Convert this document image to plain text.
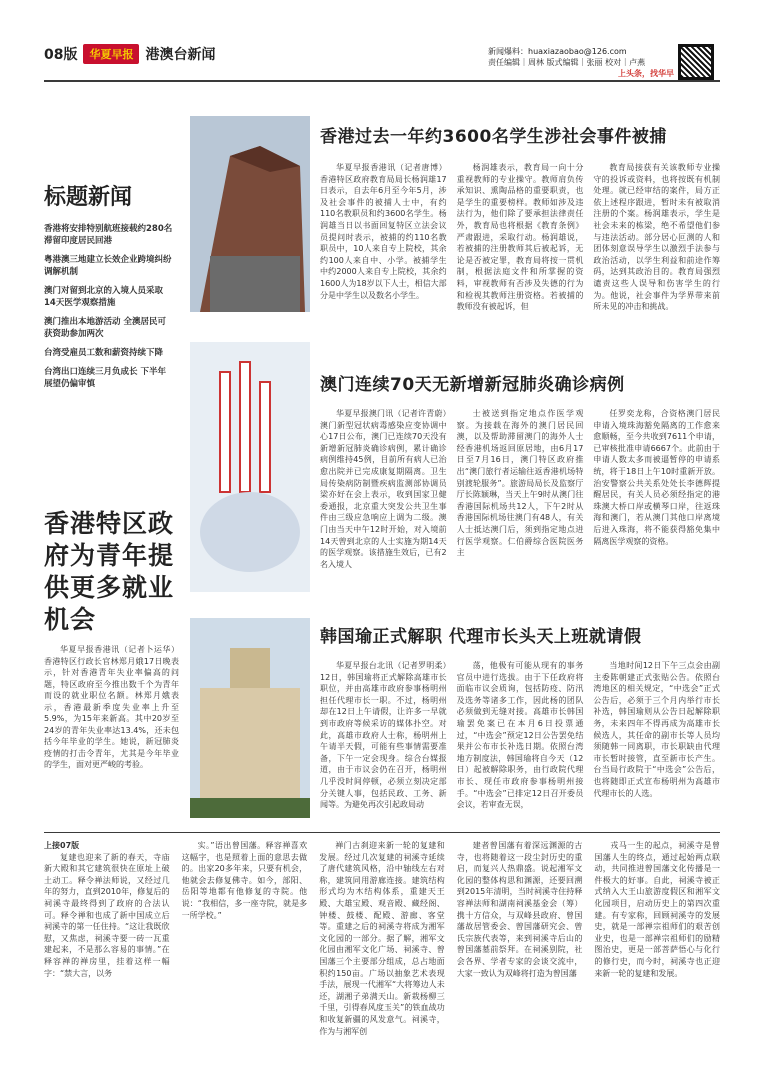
08版	华夏早报 港澳台新闻	新闻爆料：huaxiazaobao@126.com
责任编辑｜周林 版式编辑｜张丽 校对｜卢燕
上头条，找华早
标题新闻
香港将安排特别航班接载约280名滞留印度居民回港
粤港澳三地建立长效企业跨境纠纷调解机制
澳门对留到北京的入境人员采取14天医学观察措施
澳门推出本地游活动 全澳居民可获资助参加两次
台湾受雇员工数和薪资持续下降
台湾出口连续三月负成长 下半年展望仍偏审慎
香港特区政府为青年提供更多就业机会
华夏早报香港讯（记者卜运华）香港特区行政长官林郑月娥17日晚表示，针对香港青年失业率偏高的问题，特区政府至今推出数千个为青年而设的就业职位名额。林郑月娥表示，香港最新季度失业率上升至5.9%，为15年来新高。其中20岁至24岁的青年失业率达13.4%，还未包括今年毕业的学生。她说，新冠肺炎疫情的打击令青年，尤其是今年毕业的学生，面对更严峻的考验。
香港过去一年约3600名学生涉社会事件被捕
华夏早报香港讯（记者唐博）香港特区政府教育局局长杨润雄17日表示，自去年6月至今年5月，涉及社会事件的被捕人士中，有约110名教职员和约3600名学生。杨润雄当日以书面回复特区立法会议员提问时表示，被捕的约110名教职员中，10人来自专上院校，其余约100人来自中、小学。被捕学生中约2000人来自专上院校，其余约1600人为18岁以下人士，相信大部分是中学生以及数名小学生。
杨润雄表示，教育局一向十分重视教师的专业操守。教师肩负传承知识、熏陶品格的重要职责，也是学生的重要榜样。教师如涉及违法行为，他们除了要承担法律责任外，教育局也将根据《教育条例》严肃跟进，采取行动。杨润雄说，若被捕的注册教师其后被起诉，无论是否被定罪，教育局将按一贯机制，根据法庭文件和所掌握的资料，审视教师有否涉及失德的行为和检视其教师注册资格。若被捕的教师没有被起诉，但
教育局接获有关该教师专业操守的投诉或资料，也将按既有机制处理。就已经审结的案件，局方正依上述程序跟进，暂时未有被取消注册的个案。杨润雄表示，学生是社会未来的栋梁，绝不希望他们参与违法活动。部分居心叵测的人和团体刻意误导学生以激烈手法参与政治活动，以学生利益和前途作筹码，达到其政治目的。教育局强烈谴责这些人误导和伤害学生的行为。他说，社会事件为学界带来前所未见的冲击和挑战。
澳门连续70天无新增新冠肺炎确诊病例
华夏早报澳门讯（记者许青蔚）澳门新型冠状病毒感染应变协调中心17日公布，澳门已连续70天没有新增新冠肺炎确诊病例，累计确诊病例维持45例，目前所有病人已治愈出院并已完成康复期隔离。卫生局传染病防制暨疾病监测部协调员梁亦好在会上表示，收到国家卫健委通报，北京重大突发公共卫生事件由三级应急响应上调为二级。澳门由当天中午12时开始，对入境前14天曾到北京的人士实施为期14天的医学观察。该措施生效后，已有2名入境人
士被送到指定地点作医学观察。为接载在海外的澳门居民回澳，以及帮助滞留澳门的海外人士经香港机场返回原居地，由6月17日至7月16日，澳门特区政府推出“澳门旅行者运输往返香港机场特别渡轮服务”。旅游局局长及监察厅厅长陈颖琳，当天上午9时从澳门往香港国际机场共12人，下午2时从香港国际机场往澳门有48人，有关人士抵达澳门后，须到指定地点进行医学观察。仁伯爵综合医院医务主
任罗奕龙称，合资格澳门居民申请入境珠海豁免隔离的工作愈来愈顺畅，至今共收到7611个申请，已审核批准申请6667个。此前由于申请人数太多而被逼暂停的申请系统，将于18日上午10时重新开放。治安警察公共关系处处长李德辉提醒居民，有关人员必须经指定的港珠澳大桥口岸或横琴口岸，往返珠海和澳门，若从澳门其他口岸离境后进入珠海，将不能获得豁免集中隔离医学观察的资格。
韩国瑜正式解职 代理市长头天上班就请假
华夏早报台北讯（记者罗明柔）12日，韩国瑜将正式解除高雄市长职位，并由高雄市政府参事杨明州担任代理市长一职。不过，杨明州却在12日上午请假，让许多一早就到市政府等候采访的媒体扑空。对此，高雄市政府人士称，杨明州上午请半天假，可能有些事情需要准备，下午一定会现身。综合台媒报道，由于市议会仍在召开，杨明州几乎没时间停顿，必须立刻决定部分关键人事，包括民政、工务、新闻等。为避免再次引起政局动
荡，他极有可能从现有的事务官员中进行选拔。由于下任政府将面临市议会质询，包括防疫、防汛及选务等诸多工作，因此杨的团队必须做到无缝对接。高雄市长韩国瑜罢免案已在本月6日投票通过，“中选会”预定12日公告罢免结果并公布市长补选日期。依照台湾地方制度法，韩国瑜将自今天（12日）起被解除职务，由行政院代理市长、现任市政府参事杨明州接手。“中选会”已排定12日召开委员会议，若审查无误，
当地时间12日下午三点会由副主委陈朝建正式张贴公告。依照台湾地区的相关规定，“中选会”正式公告后，必须于三个月内举行市长补选，韩国瑜则从公告日起解除职务，未来四年不得再成为高雄市长候选人，其任命的副市长等人员均须随韩一同离职，市长职缺由代理市长暂时接管，直至新市长产生。台当局行政院于“中选会”公告后，也将随即正式宣布杨明州为高雄市代理市长的人选。

上接07版

复建也迎来了新的春天，寺庙新大殿和其它建筑很快在原址上破土动工。释令禅法师说，又经过几年的努力，直到2010年，修复后的祠溪寺最终得到了政府的合法认可。释令禅和也成了新中国成立后祠溪寺的第一任住持。“这让我既欣慰，又焦虑，祠溪寺要一砖一瓦重建起来，不是那么容易的事情。”在释容禅的禅房里，挂着这样一幅字：“禁大言，以务

实。”语出曾国藩。释容禅喜欢这幅字，也是照着上面的意思去做的。出家20多年来，只要有机会，他就会去修复佛寺。如今，部阳、岳阳等地都有他修复的寺院。他说：“我相信，多一座寺院，就是多一所学校。”
禅门古刹迎来新一轮的复建和发展。经过几次复建的祠溪寺延续了唐代建筑风格，沿中轴线左右对称，建筑同用游廊连接。建筑结构形式均为木结构体系，重建天王殿、大雄宝殿、观音殿、藏经阁、钟楼、鼓楼、配殿、游廊、客堂等。重建之后的祠溪寺将成为湘军文化园的一部分。据了解，湘军文化园由湘军文化广场、祠溪寺、曾国藩三个主要部分组成，总占地面积约150亩。广场以抽象艺术表现手法，展现一代湘军“大将筹边人未还，湖湘子弟满天山。新栽杨柳三千里，引得春风度玉关”的铁血战功和收复新疆的风发意气。祠溪寺，作为与湘军创
建者曾国藩有着深远渊源的古寺，也将随着这一段尘封历史的重启，而复兴人热鼎盛。说起湘军文化园的整体构思和渊源，还要回溯到2015年清明，当时祠溪寺住持释容禅法师和湖南祠溪基金会（筹）携十方信众，与双峰县政府、曾国藩故居管委会、曾国藩研究会、曾氏宗族代表等，来到祠溪寺后山的曾国藩墓前祭拜。在祠溪别院，社会各界、学者专家的会谈交流中，大家一致认为双峰将打造为曾国藩
戎马一生的起点，祠溪寺是曾国藩人生的终点，通过起始两点联动，共同推进曾国藩文化传播是一件极大的好事。自此，祠溪寺被正式纳入大王山旅游度假区和湘军文化园项目，启动历史上的第四次重建。有专家称，回顾祠溪寺的发展史，就是一部禅宗祖师们的艰苦创业史，也是一部禅宗祖师们的励精图治史，更是一部菩萨悟心与化行的修行史，而今时，祠溪寺也正迎来新一轮的复建和发展。
